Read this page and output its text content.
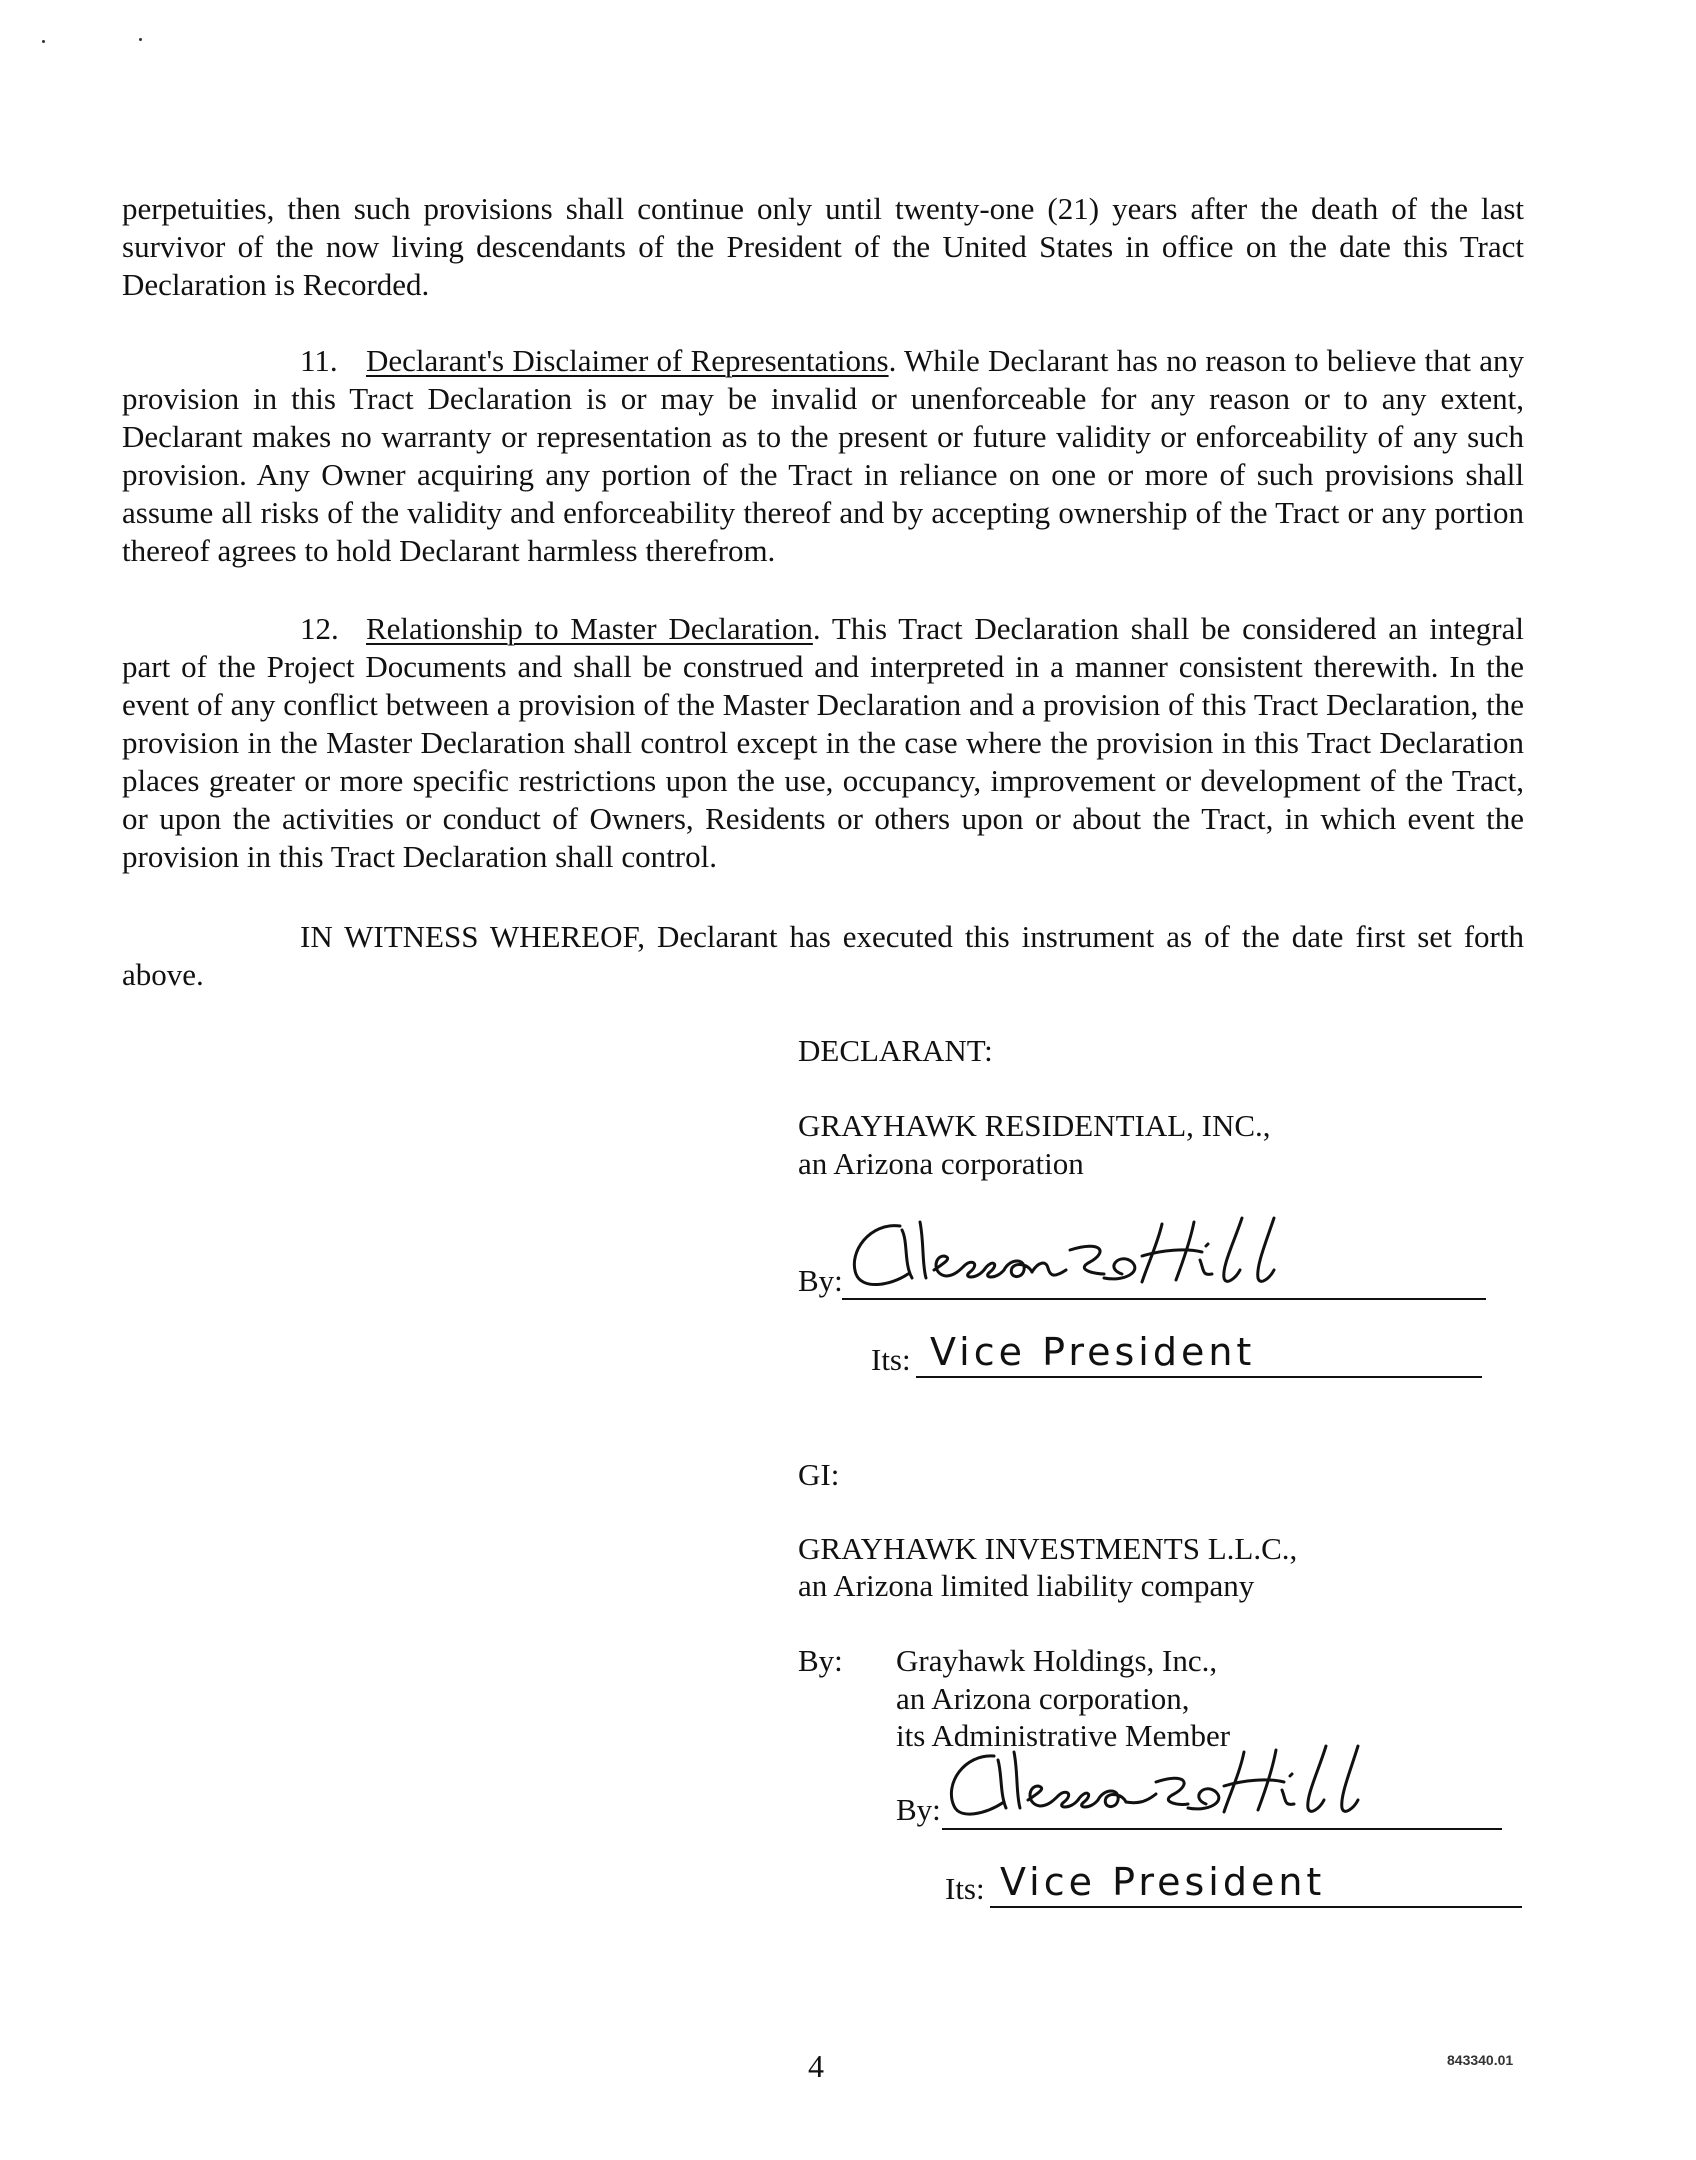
perpetuities, then such provisions shall continue only until twenty-one (21) years after the death of the last survivor of the now living descendants of the President of the United States in office on the date this Tract Declaration is Recorded.

11. Declarant's Disclaimer of Representations. While Declarant has no reason to believe that any provision in this Tract Declaration is or may be invalid or unenforceable for any reason or to any extent, Declarant makes no warranty or representation as to the present or future validity or enforceability of any such provision. Any Owner acquiring any portion of the Tract in reliance on one or more of such provisions shall assume all risks of the validity and enforceability thereof and by accepting ownership of the Tract or any portion thereof agrees to hold Declarant harmless therefrom.

12. Relationship to Master Declaration. This Tract Declaration shall be considered an integral part of the Project Documents and shall be construed and interpreted in a manner consistent therewith. In the event of any conflict between a provision of the Master Declaration and a provision of this Tract Declaration, the provision in the Master Declaration shall control except in the case where the provision in this Tract Declaration places greater or more specific restrictions upon the use, occupancy, improvement or development of the Tract, or upon the activities or conduct of Owners, Residents or others upon or about the Tract, in which event the provision in this Tract Declaration shall control.

IN WITNESS WHEREOF, Declarant has executed this instrument as of the date first set forth above.

DECLARANT:
GRAYHAWK RESIDENTIAL, INC.,
an Arizona corporation
By:
Its: Vice President
GI:
GRAYHAWK INVESTMENTS L.L.C.,
an Arizona limited liability company
By: Grayhawk Holdings, Inc.,
an Arizona corporation,
its Administrative Member
By:
Its: Vice President
4	843340.01
